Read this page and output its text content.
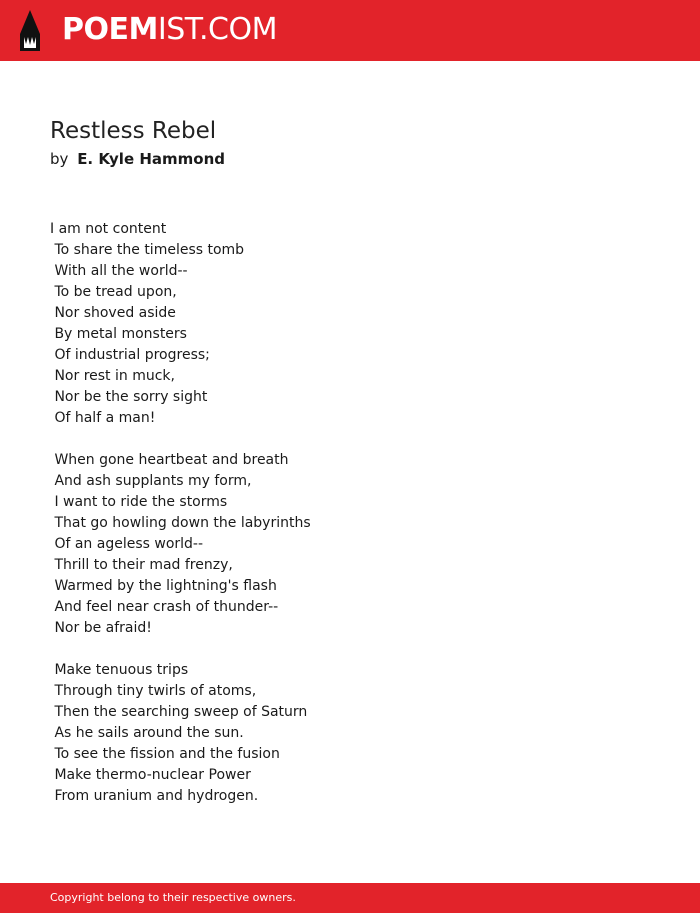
POEMIST.COM
Restless Rebel
by E. Kyle Hammond
I am not content
To share the timeless tomb
With all the world--
To be tread upon,
Nor shoved aside
By metal monsters
Of industrial progress;
Nor rest in muck,
Nor be the sorry sight
Of half a man!
When gone heartbeat and breath
And ash supplants my form,
I want to ride the storms
That go howling down the labyrinths
Of an ageless world--
Thrill to their mad frenzy,
Warmed by the lightning's flash
And feel near crash of thunder--
Nor be afraid!
Make tenuous trips
Through tiny twirls of atoms,
Then the searching sweep of Saturn
As he sails around the sun.
To see the fission and the fusion
Make thermo-nuclear Power
From uranium and hydrogen.
Copyright belong to their respective owners.
